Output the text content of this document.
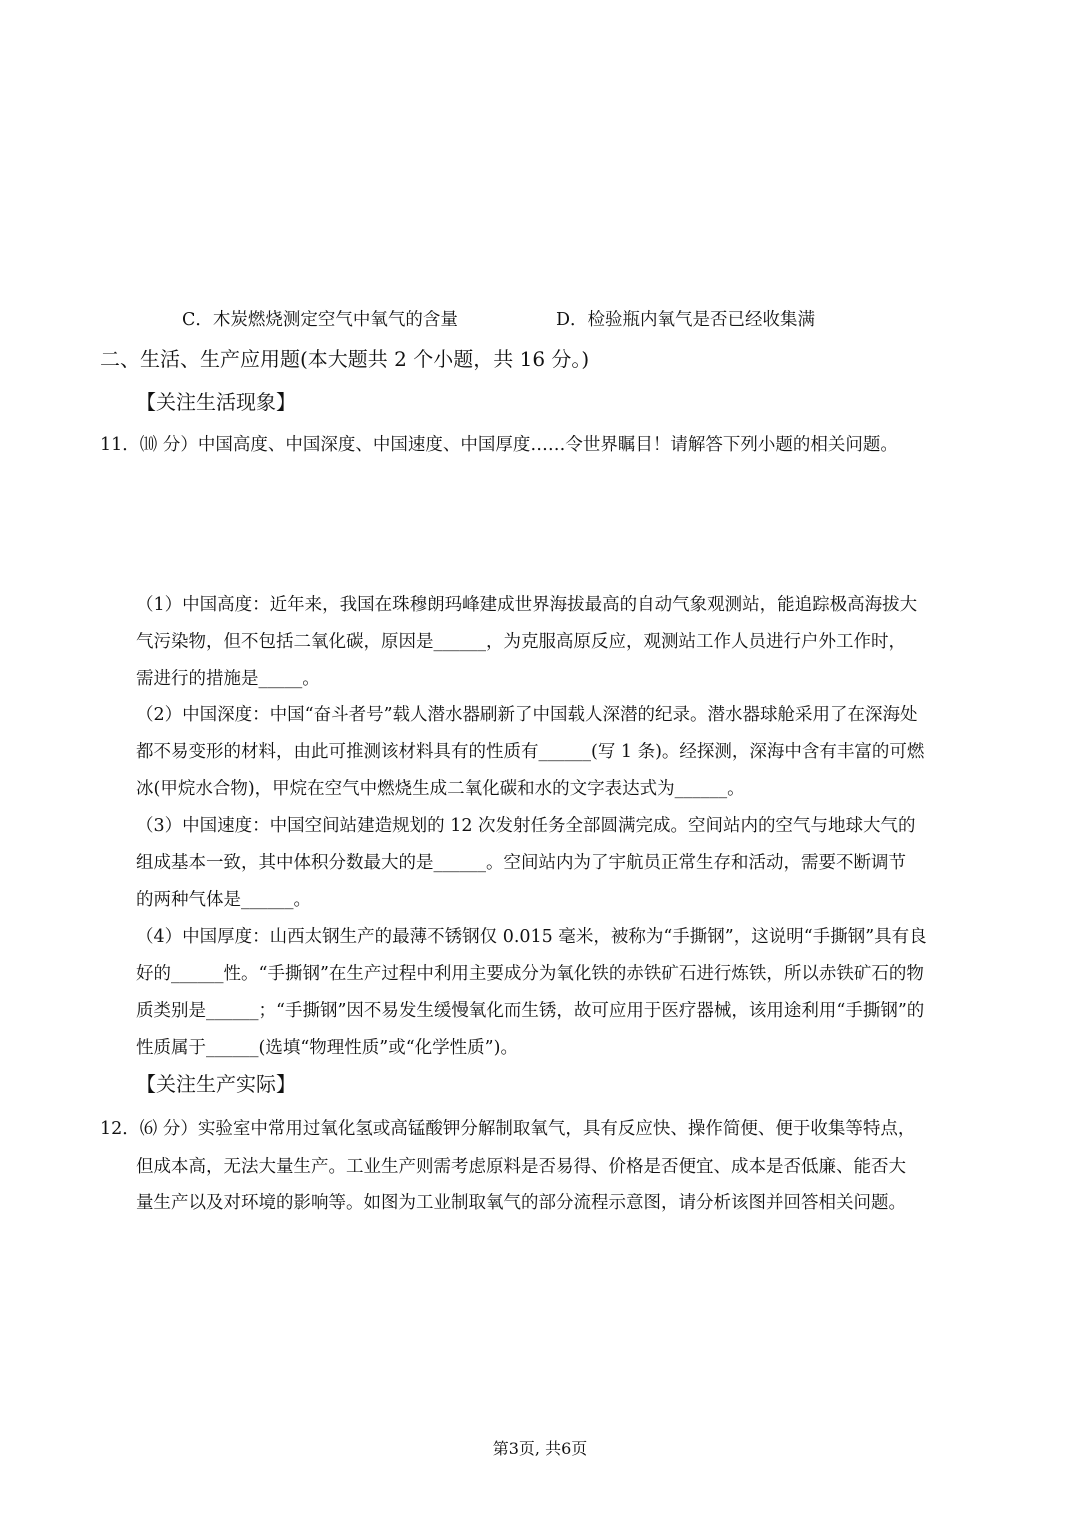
C．木炭燃烧测定空气中氧气的含量	D．检验瓶内氧气是否已经收集满
二、生活、生产应用题(本大题共 2 个小题，共 16 分。)
【关注生活现象】
11．⑽ 分）中国高度、中国深度、中国速度、中国厚度……令世界瞩目！请解答下列小题的相关问题。
（1）中国高度：近年来，我国在珠穆朗玛峰建成世界海拔最高的自动气象观测站，能追踪极高海拔大
气污染物，但不包括二氧化碳，原因是______，为克服高原反应，观测站工作人员进行户外工作时，
需进行的措施是_____。
（2）中国深度：中国“奋斗者号”载人潜水器刷新了中国载人深潜的纪录。潜水器球舱采用了在深海处
都不易变形的材料，由此可推测该材料具有的性质有______(写 1 条)。经探测，深海中含有丰富的可燃
冰(甲烷水合物)，甲烷在空气中燃烧生成二氧化碳和水的文字表达式为______。
（3）中国速度：中国空间站建造规划的 12 次发射任务全部圆满完成。空间站内的空气与地球大气的
组成基本一致，其中体积分数最大的是______。空间站内为了宇航员正常生存和活动，需要不断调节
的两种气体是______。
（4）中国厚度：山西太钢生产的最薄不锈钢仅 0.015 毫米，被称为“手撕钢”，这说明“手撕钢”具有良
好的______性。“手撕钢”在生产过程中利用主要成分为氧化铁的赤铁矿石进行炼铁，所以赤铁矿石的物
质类别是______；“手撕钢”因不易发生缓慢氧化而生锈，故可应用于医疗器械，该用途利用“手撕钢”的
性质属于______(选填“物理性质”或“化学性质”)。
【关注生产实际】
12．⑹ 分）实验室中常用过氧化氢或高锰酸钾分解制取氧气，具有反应快、操作简便、便于收集等特点，
但成本高，无法大量生产。工业生产则需考虑原料是否易得、价格是否便宜、成本是否低廉、能否大
量生产以及对环境的影响等。如图为工业制取氧气的部分流程示意图，请分析该图并回答相关问题。
第3页, 共6页
